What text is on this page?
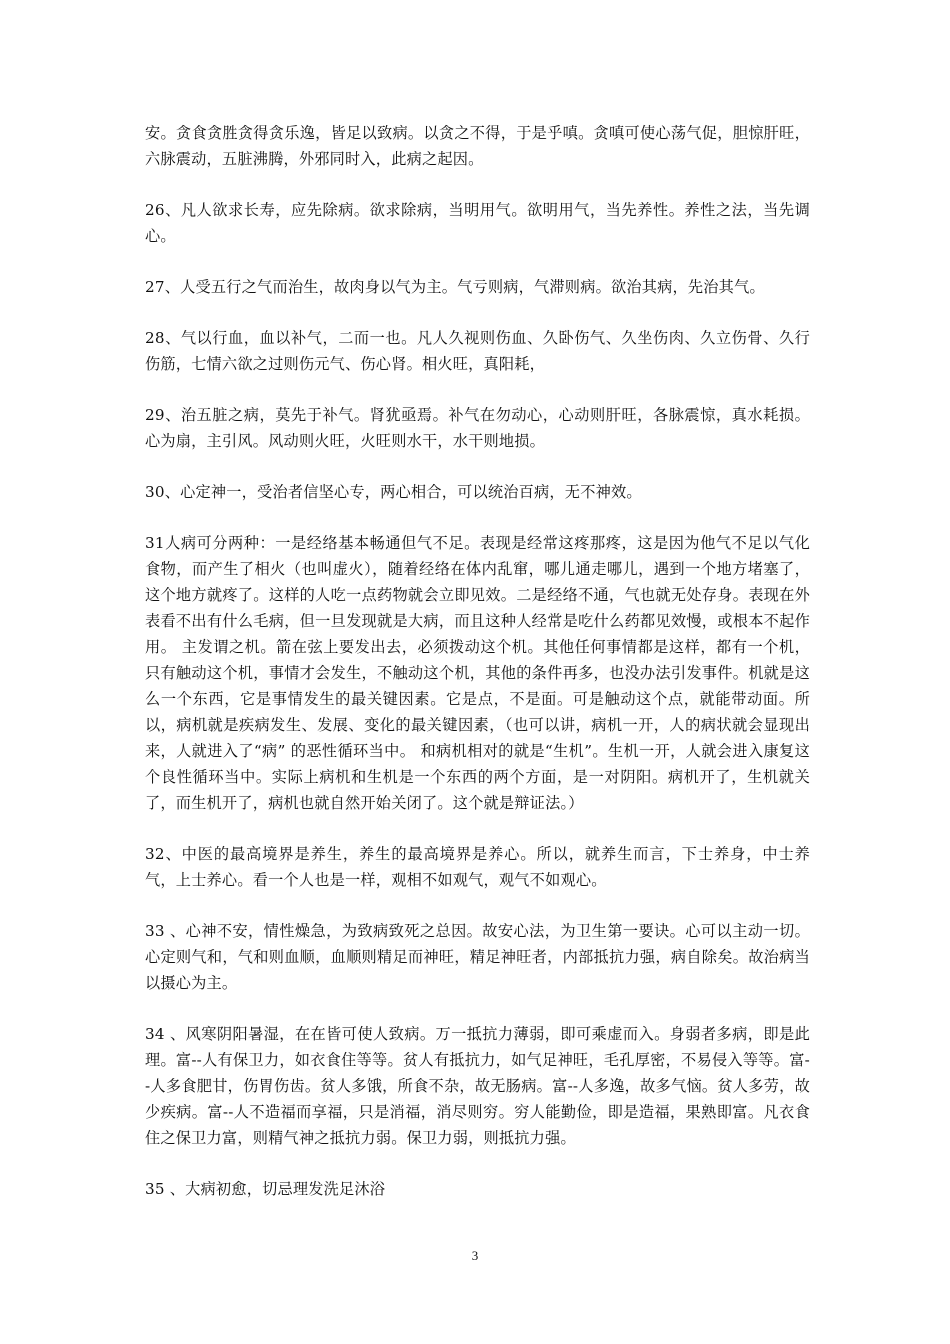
安。贪食贪胜贪得贪乐逸，皆足以致病。以贪之不得，于是乎嗔。贪嗔可使心荡气促，胆惊肝旺，六脉震动，五脏沸腾，外邪同时入，此病之起因。

26、凡人欲求长寿，应先除病。欲求除病，当明用气。欲明用气，当先养性。养性之法，当先调心。

27、人受五行之气而治生，故肉身以气为主。气亏则病，气滞则病。欲治其病，先治其气。

28、气以行血，血以补气，二而一也。凡人久视则伤血、久卧伤气、久坐伤肉、久立伤骨、久行伤筋，七情六欲之过则伤元气、伤心肾。相火旺，真阳耗，

29、治五脏之病，莫先于补气。肾犹亟焉。补气在勿动心，心动则肝旺，各脉震惊，真水耗损。心为扇，主引风。风动则火旺，火旺则水干，水干则地损。

30、心定神一，受治者信坚心专，两心相合，可以统治百病，无不神效。

31人病可分两种：一是经络基本畅通但气不足。表现是经常这疼那疼，这是因为他气不足以气化食物，而产生了相火（也叫虚火），随着经络在体内乱窜，哪儿通走哪儿，遇到一个地方堵塞了，这个地方就疼了。这样的人吃一点药物就会立即见效。二是经络不通，气也就无处存身。表现在外表看不出有什么毛病，但一旦发现就是大病，而且这种人经常是吃什么药都见效慢，或根本不起作用。 主发谓之机。箭在弦上要发出去，必须拨动这个机。其他任何事情都是这样，都有一个机，只有触动这个机，事情才会发生，不触动这个机，其他的条件再多，也没办法引发事件。机就是这么一个东西，它是事情发生的最关键因素。它是点，不是面。可是触动这个点，就能带动面。所以，病机就是疾病发生、发展、变化的最关键因素，（也可以讲，病机一开，人的病状就会显现出来，人就进入了“病” 的恶性循环当中。 和病机相对的就是“生机”。生机一开，人就会进入康复这个良性循环当中。实际上病机和生机是一个东西的两个方面，是一对阴阳。病机开了，生机就关了，而生机开了，病机也就自然开始关闭了。这个就是辩证法。）

32、中医的最高境界是养生，养生的最高境界是养心。所以，就养生而言，下士养身，中士养气，上士养心。看一个人也是一样，观相不如观气，观气不如观心。

33 、心神不安，情性燥急，为致病致死之总因。故安心法，为卫生第一要诀。心可以主动一切。心定则气和，气和则血顺，血顺则精足而神旺，精足神旺者，内部抵抗力强，病自除矣。故治病当以摄心为主。

34 、风寒阴阳暑湿，在在皆可使人致病。万一抵抗力薄弱，即可乘虚而入。身弱者多病，即是此理。富--人有保卫力，如衣食住等等。贫人有抵抗力，如气足神旺，毛孔厚密，不易侵入等等。富--人多食肥甘，伤胃伤齿。贫人多饿，所食不杂，故无肠病。富--人多逸，故多气恼。贫人多劳，故少疾病。富--人不造福而享福，只是消福，消尽则穷。穷人能勤俭，即是造福，果熟即富。凡衣食住之保卫力富，则精气神之抵抗力弱。保卫力弱，则抵抗力强。

35 、大病初愈，切忌理发洗足沐浴

3
